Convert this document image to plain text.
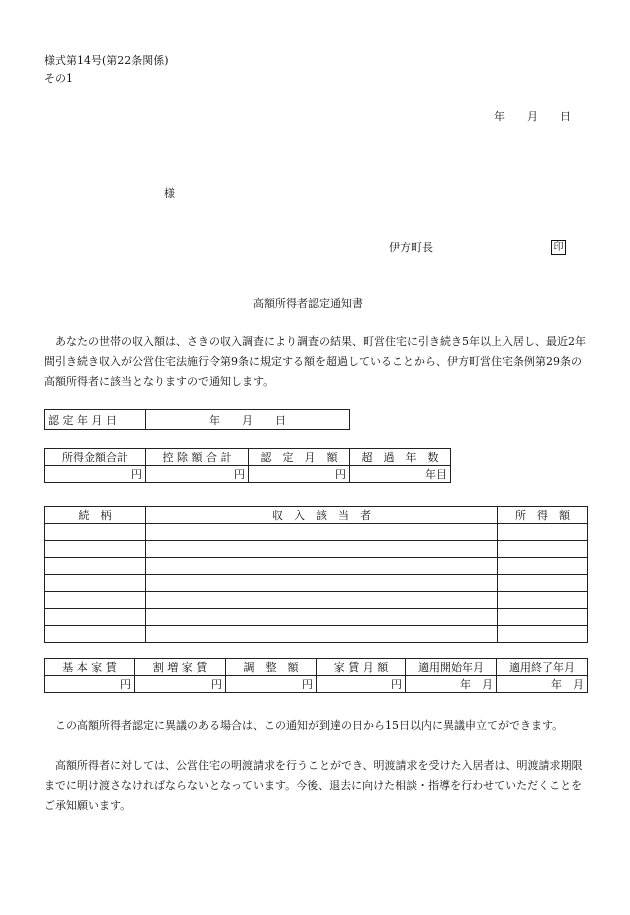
様式第14号(第22条関係)
その1
年　　月　　日
様
伊方町長	印
高額所得者認定通知書
　あなたの世帯の収入額は、さきの収入調査により調査の結果、町営住宅に引き続き5年以上入居し、最近2年間引き続き収入が公営住宅法施行令第9条に規定する額を超過していることから、伊方町営住宅条例第29条の高額所得者に該当となりますので通知します。
認 定 年 月 日	年　　月　　日
所得金額合計	控 除 額 合 計	認　定　月　額	超　過　年　数
円	円	円	年目
続　柄	収　入　該　当　者	所　得　額

基 本 家 賃	割 増 家 賃	調　整　額	家 賃 月 額	適用開始年月	適用終了年月
円	円	円	円	年　月	年　月
　この高額所得者認定に異議のある場合は、この通知が到達の日から15日以内に異議申立てができます。
　高額所得者に対しては、公営住宅の明渡請求を行うことができ、明渡請求を受けた入居者は、明渡請求期限までに明け渡さなければならないとなっています。今後、退去に向けた相談・指導を行わせていただくことをご承知願います。
